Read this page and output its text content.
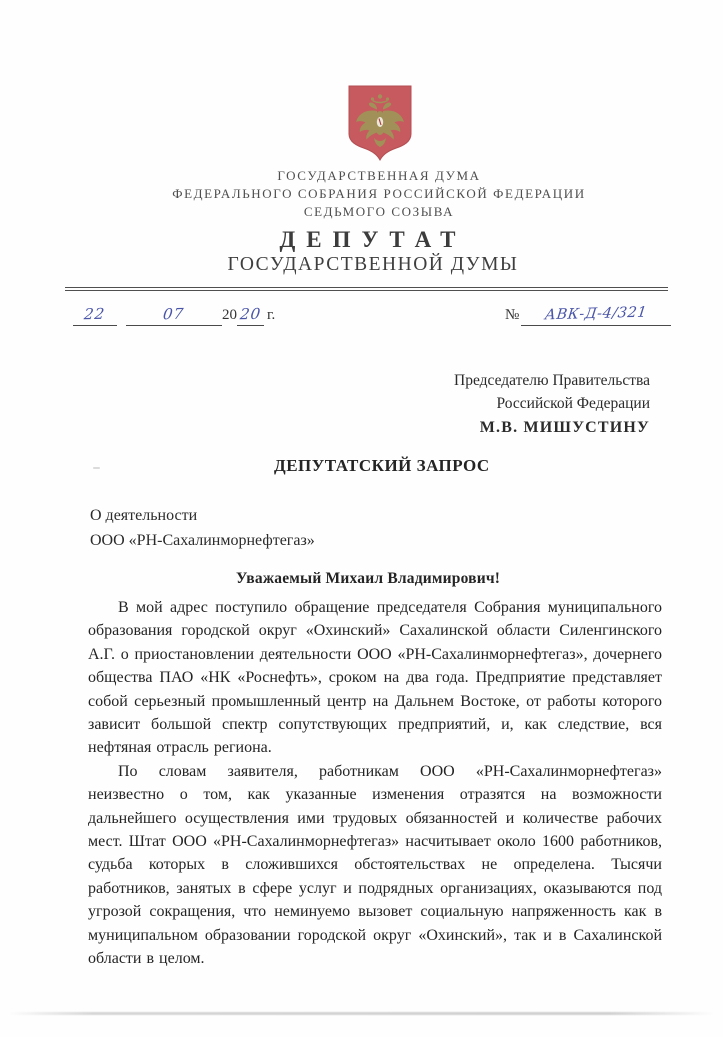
ГОСУДАРСТВЕННАЯ ДУМА
ФЕДЕРАЛЬНОГО СОБРАНИЯ РОССИЙСКОЙ ФЕДЕРАЦИИ
СЕДЬМОГО СОЗЫВА
ДЕПУТАТ
ГОСУДАРСТВЕННОЙ ДУМЫ
22	07	20 20 г.	№	АВК-Д-4/321
Председателю Правительства
Российской Федерации
М.В. МИШУСТИНУ
ДЕПУТАТСКИЙ ЗАПРОС
О деятельности
ООО «РН-Сахалинморнефтегаз»
Уважаемый Михаил Владимирович!

В мой адрес поступило обращение председателя Собрания муниципального образования городской округ «Охинский» Сахалинской области Силенгинского А.Г. о приостановлении деятельности ООО «РН-Сахалинморнефтегаз», дочернего общества ПАО «НК «Роснефть», сроком на два года. Предприятие представляет собой серьезный промышленный центр на Дальнем Востоке, от работы которого зависит большой спектр сопутствующих предприятий, и, как следствие, вся нефтяная отрасль региона.

По словам заявителя, работникам ООО «РН-Сахалинморнефтегаз» неизвестно о том, как указанные изменения отразятся на возможности дальнейшего осуществления ими трудовых обязанностей и количестве рабочих мест. Штат ООО «РН-Сахалинморнефтегаз» насчитывает около 1600 работников, судьба которых в сложившихся обстоятельствах не определена. Тысячи работников, занятых в сфере услуг и подрядных организациях, оказываются под угрозой сокращения, что неминуемо вызовет социальную напряженность как в муниципальном образовании городской округ «Охинский», так и в Сахалинской области в целом.
